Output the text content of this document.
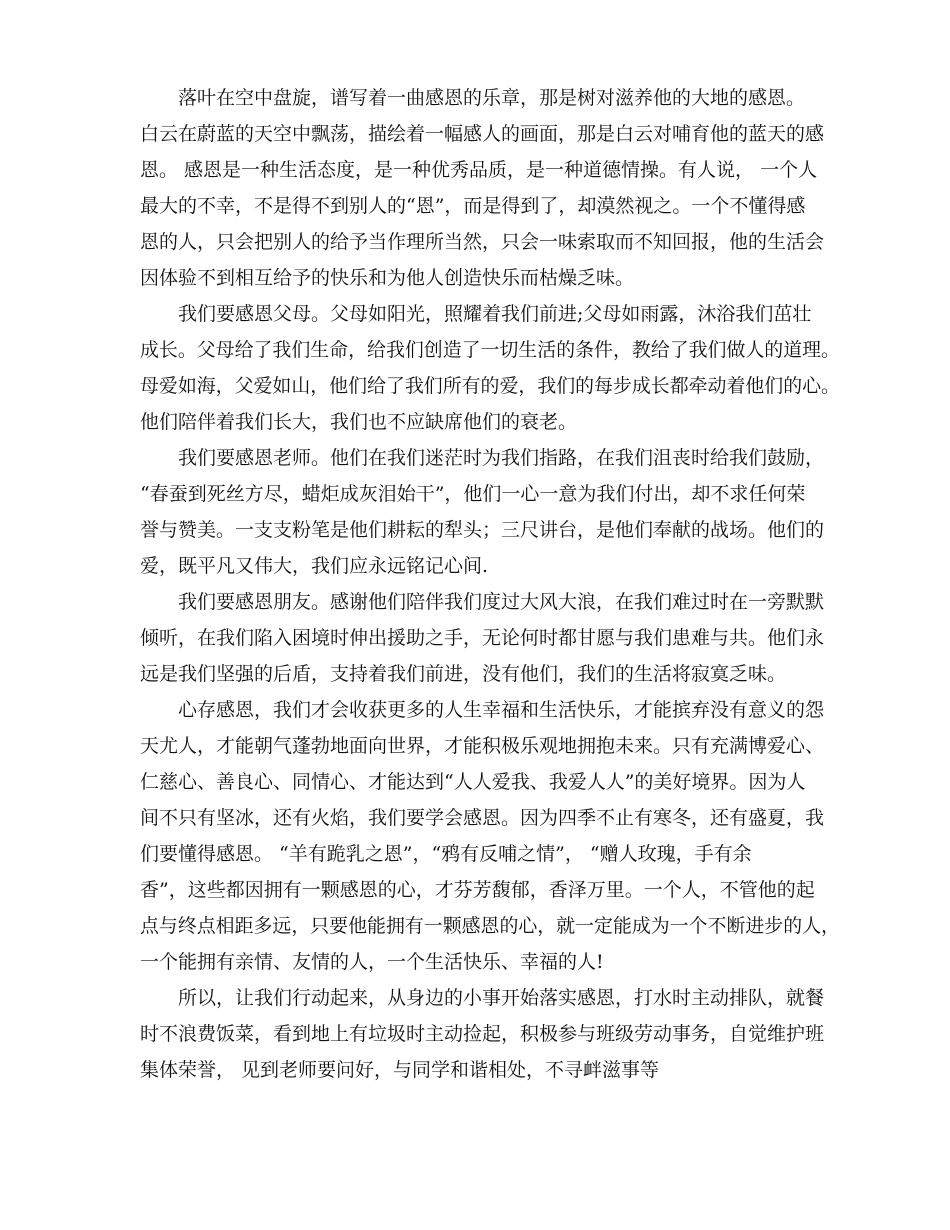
　　落叶在空中盘旋，谱写着一曲感恩的乐章，那是树对滋养他的大地的感恩。
白云在蔚蓝的天空中飘荡，描绘着一幅感人的画面，那是白云对哺育他的蓝天的感
恩。 感恩是一种生活态度，是一种优秀品质，是一种道德情操。有人说， 一个人
最大的不幸，不是得不到别人的“恩”，而是得到了，却漠然视之。一个不懂得感
恩的人，只会把别人的给予当作理所当然，只会一味索取而不知回报，他的生活会
因体验不到相互给予的快乐和为他人创造快乐而枯燥乏味。
　　我们要感恩父母。父母如阳光，照耀着我们前进;父母如雨露，沐浴我们茁壮
成长。父母给了我们生命，给我们创造了一切生活的条件，教给了我们做人的道理。
母爱如海，父爱如山，他们给了我们所有的爱，我们的每步成长都牵动着他们的心。
他们陪伴着我们长大，我们也不应缺席他们的衰老。
　　我们要感恩老师。他们在我们迷茫时为我们指路，在我们沮丧时给我们鼓励，
“春蚕到死丝方尽，蜡炬成灰泪始干”，他们一心一意为我们付出，却不求任何荣
誉与赞美。一支支粉笔是他们耕耘的犁头；三尺讲台，是他们奉献的战场。他们的
爱，既平凡又伟大，我们应永远铭记心间.
　　我们要感恩朋友。感谢他们陪伴我们度过大风大浪，在我们难过时在一旁默默
倾听，在我们陷入困境时伸出援助之手，无论何时都甘愿与我们患难与共。他们永
远是我们坚强的后盾，支持着我们前进，没有他们，我们的生活将寂寞乏味。
　　心存感恩，我们才会收获更多的人生幸福和生活快乐，才能摈弃没有意义的怨
天尤人，才能朝气蓬勃地面向世界，才能积极乐观地拥抱未来。只有充满博爱心、
仁慈心、善良心、同情心、才能达到“人人爱我、我爱人人”的美好境界。因为人
间不只有坚冰，还有火焰，我们要学会感恩。因为四季不止有寒冬，还有盛夏，我
们要懂得感恩。 “羊有跪乳之恩”，“鸦有反哺之情”， “赠人玫瑰，手有余
香”，这些都因拥有一颗感恩的心，才芬芳馥郁，香泽万里。一个人，不管他的起
点与终点相距多远，只要他能拥有一颗感恩的心，就一定能成为一个不断进步的人，
一个能拥有亲情、友情的人，一个生活快乐、幸福的人!
　　所以，让我们行动起来，从身边的小事开始落实感恩，打水时主动排队，就餐
时不浪费饭菜，看到地上有垃圾时主动捡起，积极参与班级劳动事务，自觉维护班
集体荣誉， 见到老师要问好，与同学和谐相处，不寻衅滋事等
